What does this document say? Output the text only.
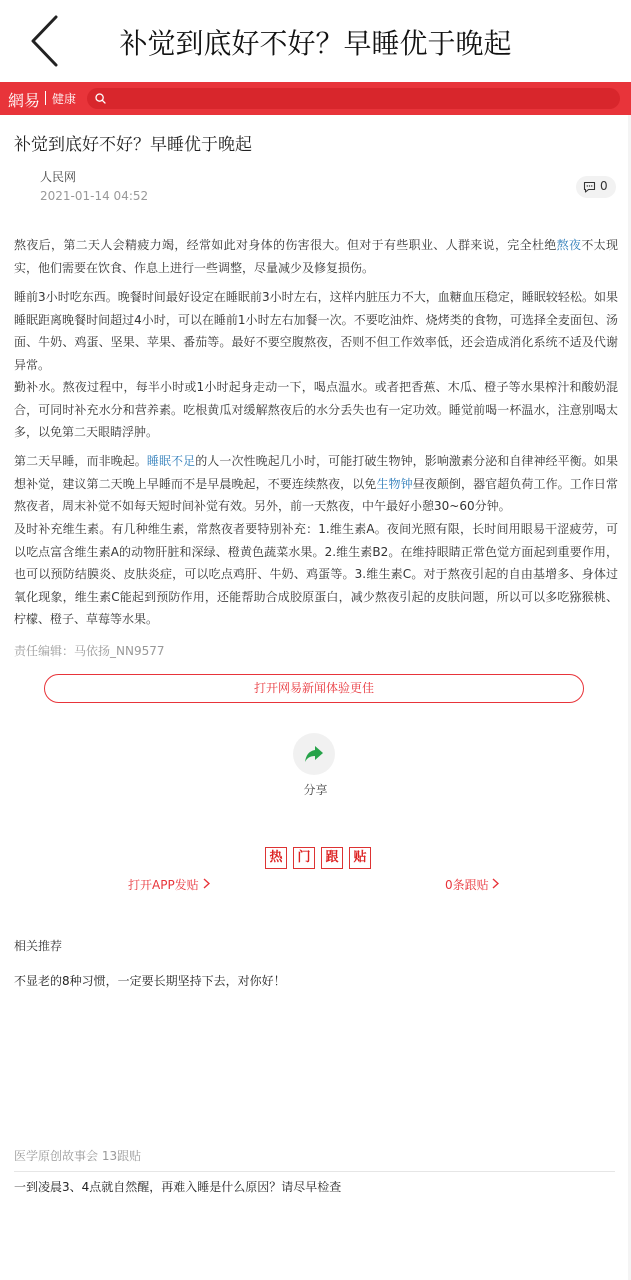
补觉到底好不好？早睡优于晚起
網易 健康
补觉到底好不好？早睡优于晚起
人民网
2021-01-14 04:52
0

熬夜后，第二天人会精疲力竭，经常如此对身体的伤害很大。但对于有些职业、人群来说，完全杜绝熬夜不太现实，他们需要在饮食、作息上进行一些调整，尽量减少及修复损伤。

睡前3小时吃东西。晚餐时间最好设定在睡眠前3小时左右，这样内脏压力不大，血糖血压稳定，睡眠较轻松。如果睡眠距离晚餐时间超过4小时，可以在睡前1小时左右加餐一次。不要吃油炸、烧烤类的食物，可选择全麦面包、汤面、牛奶、鸡蛋、坚果、苹果、番茄等。最好不要空腹熬夜，否则不但工作效率低，还会造成消化系统不适及代谢异常。

勤补水。熬夜过程中，每半小时或1小时起身走动一下，喝点温水。或者把香蕉、木瓜、橙子等水果榨汁和酸奶混合，可同时补充水分和营养素。吃根黄瓜对缓解熬夜后的水分丢失也有一定功效。睡觉前喝一杯温水，注意别喝太多，以免第二天眼睛浮肿。

第二天早睡，而非晚起。睡眠不足的人一次性晚起几小时，可能打破生物钟，影响激素分泌和自律神经平衡。如果想补觉，建议第二天晚上早睡而不是早晨晚起，不要连续熬夜，以免生物钟昼夜颠倒，器官超负荷工作。工作日常熬夜者，周末补觉不如每天短时间补觉有效。另外，前一天熬夜，中午最好小憩30~60分钟。

及时补充维生素。有几种维生素，常熬夜者要特别补充：1.维生素A。夜间光照有限，长时间用眼易干涩疲劳，可以吃点富含维生素A的动物肝脏和深绿、橙黄色蔬菜水果。2.维生素B2。在维持眼睛正常色觉方面起到重要作用，也可以预防结膜炎、皮肤炎症，可以吃点鸡肝、牛奶、鸡蛋等。3.维生素C。对于熬夜引起的自由基增多、身体过氧化现象，维生素C能起到预防作用，还能帮助合成胶原蛋白，减少熬夜引起的皮肤问题，所以可以多吃猕猴桃、柠檬、橙子、草莓等水果。

责任编辑：马依扬_NN9577
打开网易新闻体验更佳
分享
热 门 跟 贴
打开APP发贴	0条跟贴
相关推荐
不显老的8种习惯，一定要长期坚持下去，对你好！
医学原创故事会 13跟贴
一到凌晨3、4点就自然醒，再难入睡是什么原因？请尽早检查
